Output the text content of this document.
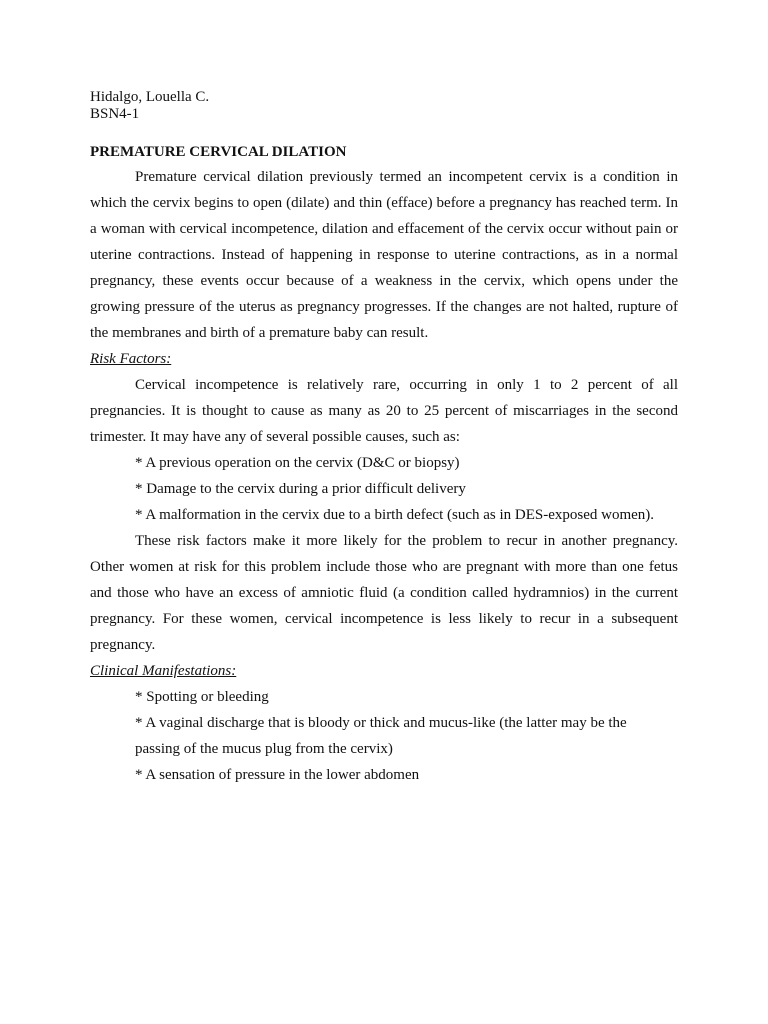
Hidalgo, Louella C.

BSN4-1

PREMATURE CERVICAL DILATION

Premature cervical dilation previously termed an incompetent cervix is a condition in which the cervix begins to open (dilate) and thin (efface) before a pregnancy has reached term. In a woman with cervical incompetence, dilation and effacement of the cervix occur without pain or uterine contractions. Instead of happening in response to uterine contractions, as in a normal pregnancy, these events occur because of a weakness in the cervix, which opens under the growing pressure of the uterus as pregnancy progresses. If the changes are not halted, rupture of the membranes and birth of a premature baby can result.

Risk Factors:

Cervical incompetence is relatively rare, occurring in only 1 to 2 percent of all pregnancies. It is thought to cause as many as 20 to 25 percent of miscarriages in the second trimester. It may have any of several possible causes, such as:

* A previous operation on the cervix (D&C or biopsy)

* Damage to the cervix during a prior difficult delivery

* A malformation in the cervix due to a birth defect (such as in DES-exposed women).

These risk factors make it more likely for the problem to recur in another pregnancy. Other women at risk for this problem include those who are pregnant with more than one fetus and those who have an excess of amniotic fluid (a condition called hydramnios) in the current pregnancy. For these women, cervical incompetence is less likely to recur in a subsequent pregnancy.

Clinical Manifestations:

* Spotting or bleeding

* A vaginal discharge that is bloody or thick and mucus-like (the latter may be the passing of the mucus plug from the cervix)

* A sensation of pressure in the lower abdomen
